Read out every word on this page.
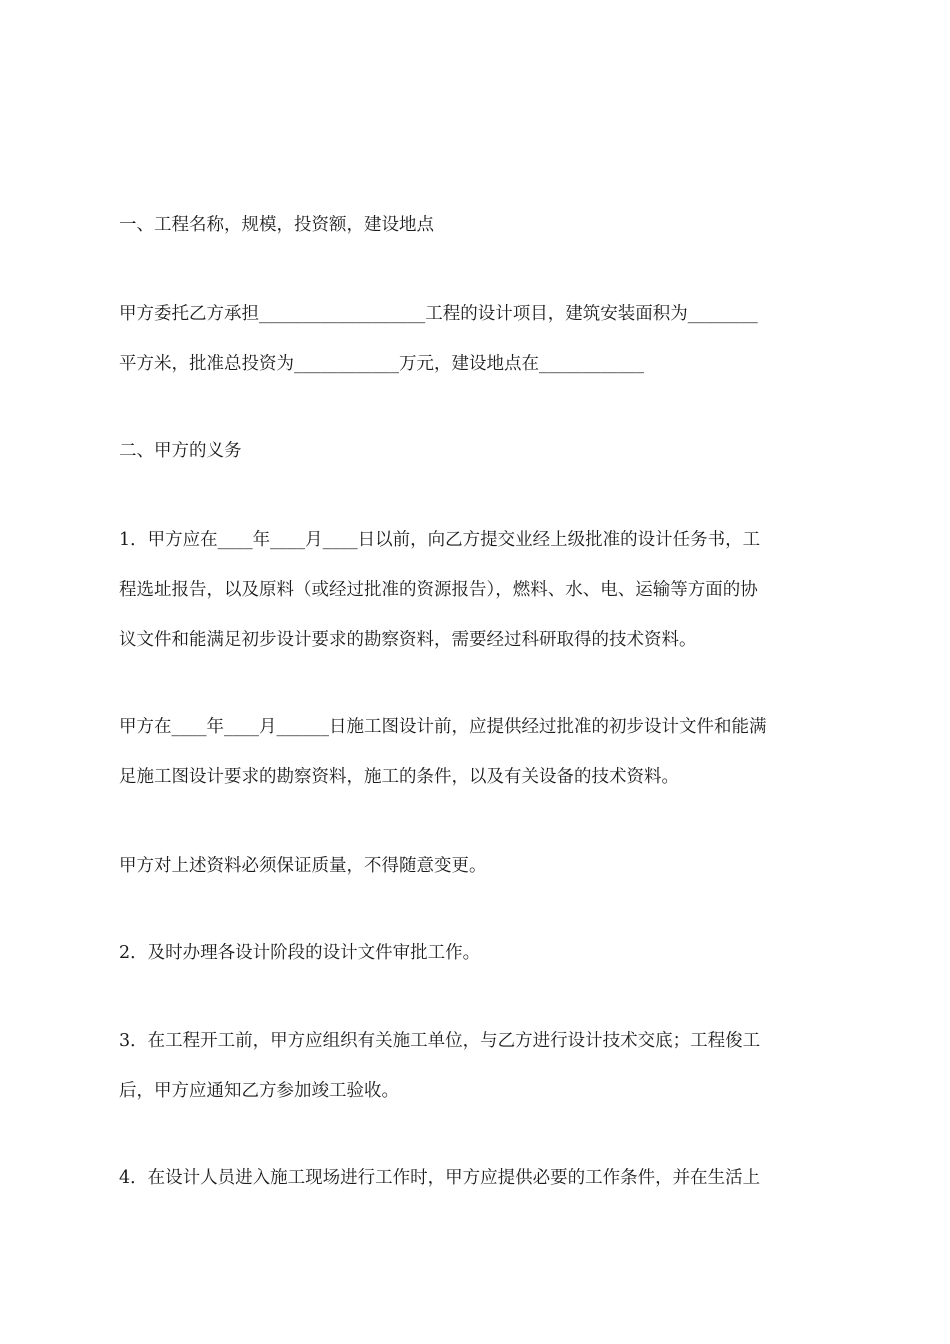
一、工程名称，规模，投资额，建设地点
甲方委托乙方承担___________________工程的设计项目，建筑安装面积为________
平方米，批准总投资为____________万元，建设地点在____________
二、甲方的义务
1．甲方应在____年____月____日以前，向乙方提交业经上级批准的设计任务书，工
程选址报告，以及原料（或经过批准的资源报告），燃料、水、电、运输等方面的协
议文件和能满足初步设计要求的勘察资料，需要经过科研取得的技术资料。
甲方在____年____月______日施工图设计前，应提供经过批准的初步设计文件和能满
足施工图设计要求的勘察资料，施工的条件，以及有关设备的技术资料。
甲方对上述资料必须保证质量，不得随意变更。
2．及时办理各设计阶段的设计文件审批工作。
3．在工程开工前，甲方应组织有关施工单位，与乙方进行设计技术交底；工程俊工
后，甲方应通知乙方参加竣工验收。
4．在设计人员进入施工现场进行工作时，甲方应提供必要的工作条件，并在生活上
